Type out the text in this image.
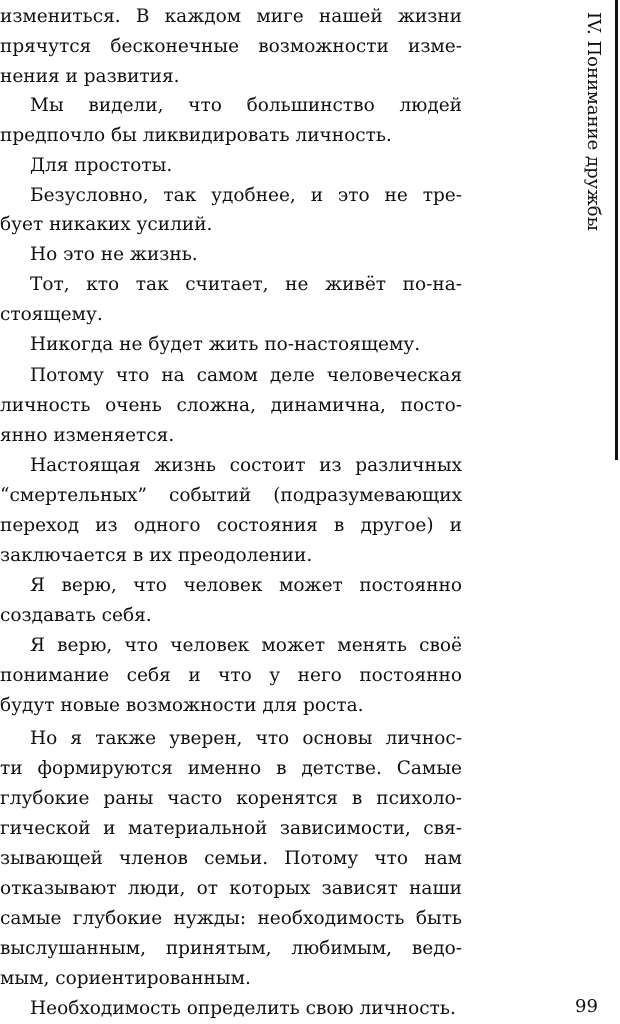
измениться. В каждом миге нашей жизни
прячутся бесконечные возможности изме-
нения и развития.
Мы видели, что большинство людей
предпочло бы ликвидировать личность.
Для простоты.
Безусловно, так удобнее, и это не тре-
бует никаких усилий.
Но это не жизнь.
Тот, кто так считает, не живёт по-на-
стоящему.
Никогда не будет жить по-настоящему.
Потому что на самом деле человеческая
личность очень сложна, динамична, посто-
янно изменяется.
Настоящая жизнь состоит из различных
“смертельных” событий (подразумевающих
переход из одного состояния в другое) и
заключается в их преодолении.
Я верю, что человек может постоянно
создавать себя.
Я верю, что человек может менять своё
понимание себя и что у него постоянно
будут новые возможности для роста.
Но я также уверен, что основы личнос-
ти формируются именно в детстве. Самые
глубокие раны часто коренятся в психоло-
гической и материальной зависимости, свя-
зывающей членов семьи. Потому что нам
отказывают люди, от которых зависят наши
самые глубокие нужды: необходимость быть
выслушанным, принятым, любимым, ведо-
мым, сориентированным.
Необходимость определить свою личность.
IV. Понимание дружбы
99
